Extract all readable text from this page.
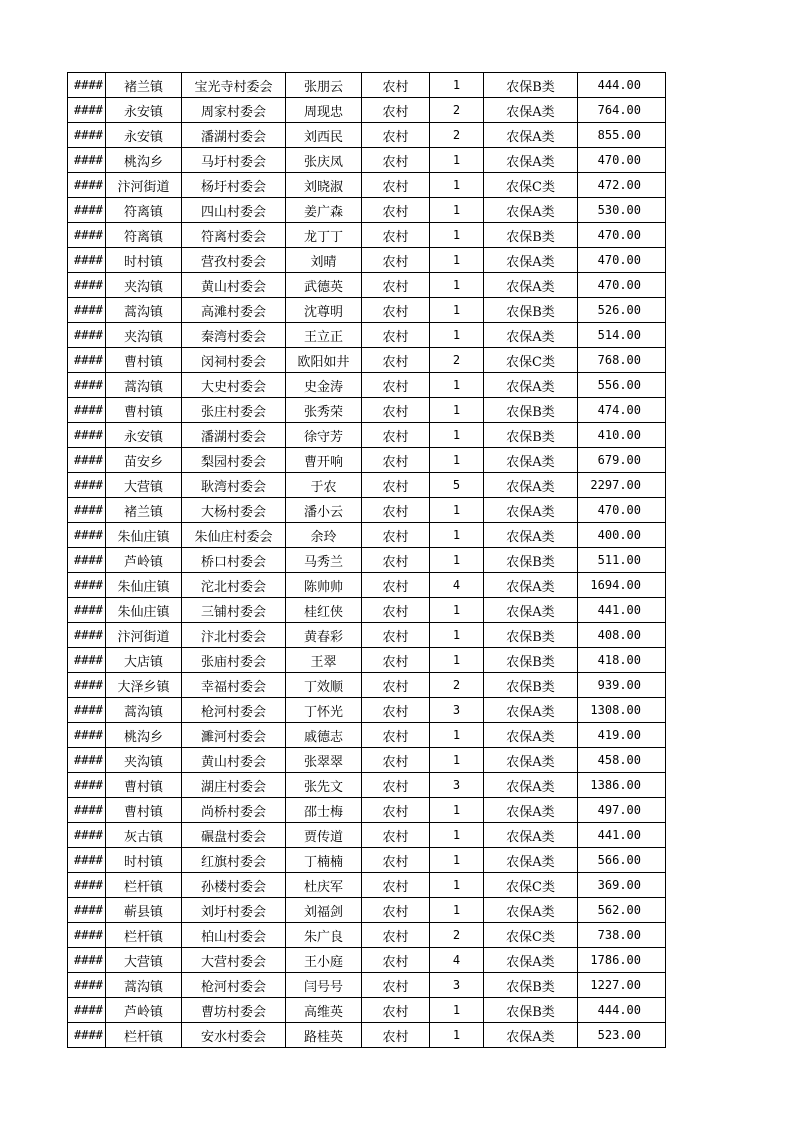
####	褚兰镇	宝光寺村委会	张朋云	农村	1	农保B类	444.00
####	永安镇	周家村委会	周现忠	农村	2	农保A类	764.00
####	永安镇	潘湖村委会	刘西民	农村	2	农保A类	855.00
####	桃沟乡	马圩村委会	张庆凤	农村	1	农保A类	470.00
####	汴河街道	杨圩村委会	刘晓淑	农村	1	农保C类	472.00
####	符离镇	四山村委会	姜广森	农村	1	农保A类	530.00
####	符离镇	符离村委会	龙丁丁	农村	1	农保B类	470.00
####	时村镇	营孜村委会	刘晴	农村	1	农保A类	470.00
####	夹沟镇	黄山村委会	武德英	农村	1	农保A类	470.00
####	蒿沟镇	高滩村委会	沈尊明	农村	1	农保B类	526.00
####	夹沟镇	秦湾村委会	王立正	农村	1	农保A类	514.00
####	曹村镇	闵祠村委会	欧阳如井	农村	2	农保C类	768.00
####	蒿沟镇	大史村委会	史金涛	农村	1	农保A类	556.00
####	曹村镇	张庄村委会	张秀荣	农村	1	农保B类	474.00
####	永安镇	潘湖村委会	徐守芳	农村	1	农保B类	410.00
####	苗安乡	梨园村委会	曹开响	农村	1	农保A类	679.00
####	大营镇	耿湾村委会	于农	农村	5	农保A类	2297.00
####	褚兰镇	大杨村委会	潘小云	农村	1	农保A类	470.00
####	朱仙庄镇	朱仙庄村委会	余玲	农村	1	农保A类	400.00
####	芦岭镇	桥口村委会	马秀兰	农村	1	农保B类	511.00
####	朱仙庄镇	沱北村委会	陈帅帅	农村	4	农保A类	1694.00
####	朱仙庄镇	三铺村委会	桂红侠	农村	1	农保A类	441.00
####	汴河街道	汴北村委会	黄春彩	农村	1	农保B类	408.00
####	大店镇	张庙村委会	王翠	农村	1	农保B类	418.00
####	大泽乡镇	幸福村委会	丁效顺	农村	2	农保B类	939.00
####	蒿沟镇	枪河村委会	丁怀光	农村	3	农保A类	1308.00
####	桃沟乡	濉河村委会	戚德志	农村	1	农保A类	419.00
####	夹沟镇	黄山村委会	张翠翠	农村	1	农保A类	458.00
####	曹村镇	湖庄村委会	张先文	农村	3	农保A类	1386.00
####	曹村镇	尚桥村委会	邵士梅	农村	1	农保A类	497.00
####	灰古镇	碾盘村委会	贾传道	农村	1	农保A类	441.00
####	时村镇	红旗村委会	丁楠楠	农村	1	农保A类	566.00
####	栏杆镇	孙楼村委会	杜庆军	农村	1	农保C类	369.00
####	蕲县镇	刘圩村委会	刘福剑	农村	1	农保A类	562.00
####	栏杆镇	柏山村委会	朱广良	农村	2	农保C类	738.00
####	大营镇	大营村委会	王小庭	农村	4	农保A类	1786.00
####	蒿沟镇	枪河村委会	闫号号	农村	3	农保B类	1227.00
####	芦岭镇	曹坊村委会	高维英	农村	1	农保B类	444.00
####	栏杆镇	安水村委会	路桂英	农村	1	农保A类	523.00
